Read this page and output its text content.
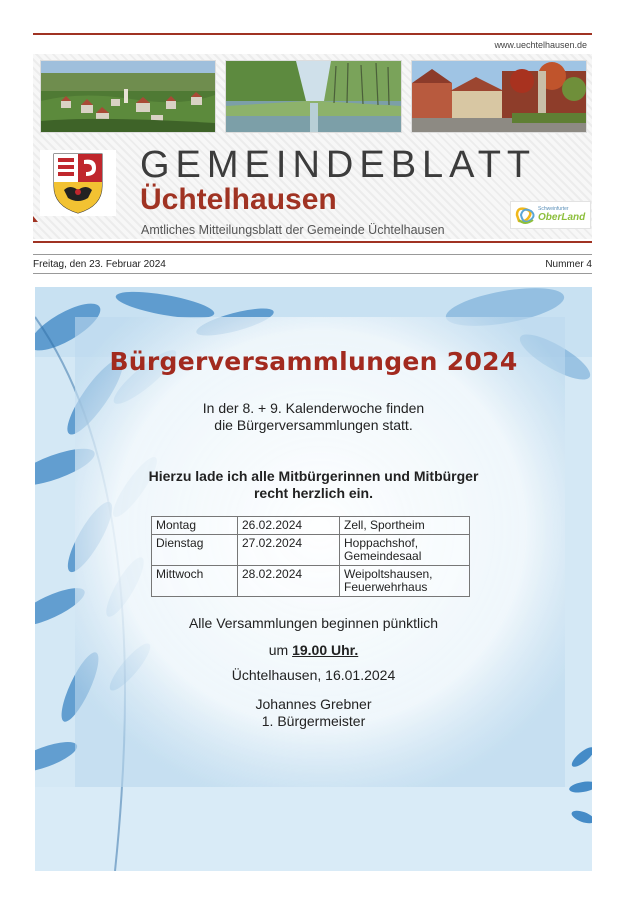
www.uechtelhausen.de
GEMEINDEBLATT
Üchtelhausen
Amtliches Mitteilungsblatt der Gemeinde Üchtelhausen
Schweinfurter
OberLand
Freitag, den 23. Februar 2024	Nummer 4
Bürgerversammlungen 2024
In der 8. + 9. Kalenderwoche finden
die Bürgerversammlungen statt.
Hierzu lade ich alle Mitbürgerinnen und Mitbürger
recht herzlich ein.
Montag	26.02.2024	Zell, Sportheim
Dienstag	27.02.2024	Hoppachshof, Gemeindesaal
Mittwoch	28.02.2024	Weipoltshausen, Feuerwehrhaus
Alle Versammlungen beginnen pünktlich
um 19.00 Uhr.
Üchtelhausen, 16.01.2024
Johannes Grebner
1. Bürgermeister
